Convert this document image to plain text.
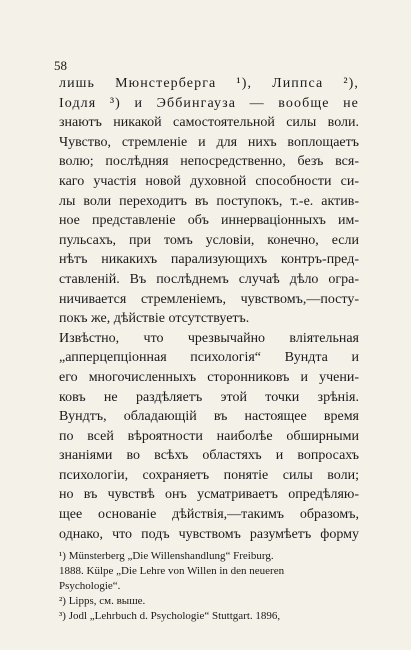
58
лишь Мюнстерберга ¹), Липпса ²),
Іодля ³) и Эббингауза — вообще не
знаютъ никакой самостоятельной силы воли.
Чувство, стремленіе и для нихъ воплощаетъ
волю; послѣдняя непосредственно, безъ вся-
каго участія новой духовной способности си-
лы воли переходитъ въ поступокъ, т.-е. актив-
ное представленіе объ иннерваціонныхъ им-
пульсахъ, при томъ условіи, конечно, если
нѣтъ никакихъ парализующихъ контръ-пред-
ставленій. Въ послѣднемъ случаѣ дѣло огра-
ничивается стремленіемъ, чувствомъ,—посту-
покъ же, дѣйствіе отсутствуетъ.
Извѣстно, что чрезвычайно вліятельная
„апперцепціонная психологія“ Вундта и
его многочисленныхъ сторонниковъ и учени-
ковъ не раздѣляетъ этой точки зрѣнія.
Вундтъ, обладающій въ настоящее время
по всей вѣроятности наиболѣе обширными
знаніями во всѣхъ областяхъ и вопросахъ
психологіи, сохраняетъ понятіе силы воли;
но въ чувствѣ онъ усматриваетъ опредѣляю-
щее основаніе дѣйствія,—такимъ образомъ,
однако, что подъ чувствомъ разумѣетъ форму
¹) Münsterberg „Die Willenshandlung“ Freiburg.
1888. Külpe „Die Lehre von Willen in den neueren
Psychologie“.
²) Lipps, см. выше.
³) Jodl „Lehrbuch d. Psychologie“ Stuttgart. 1896,
